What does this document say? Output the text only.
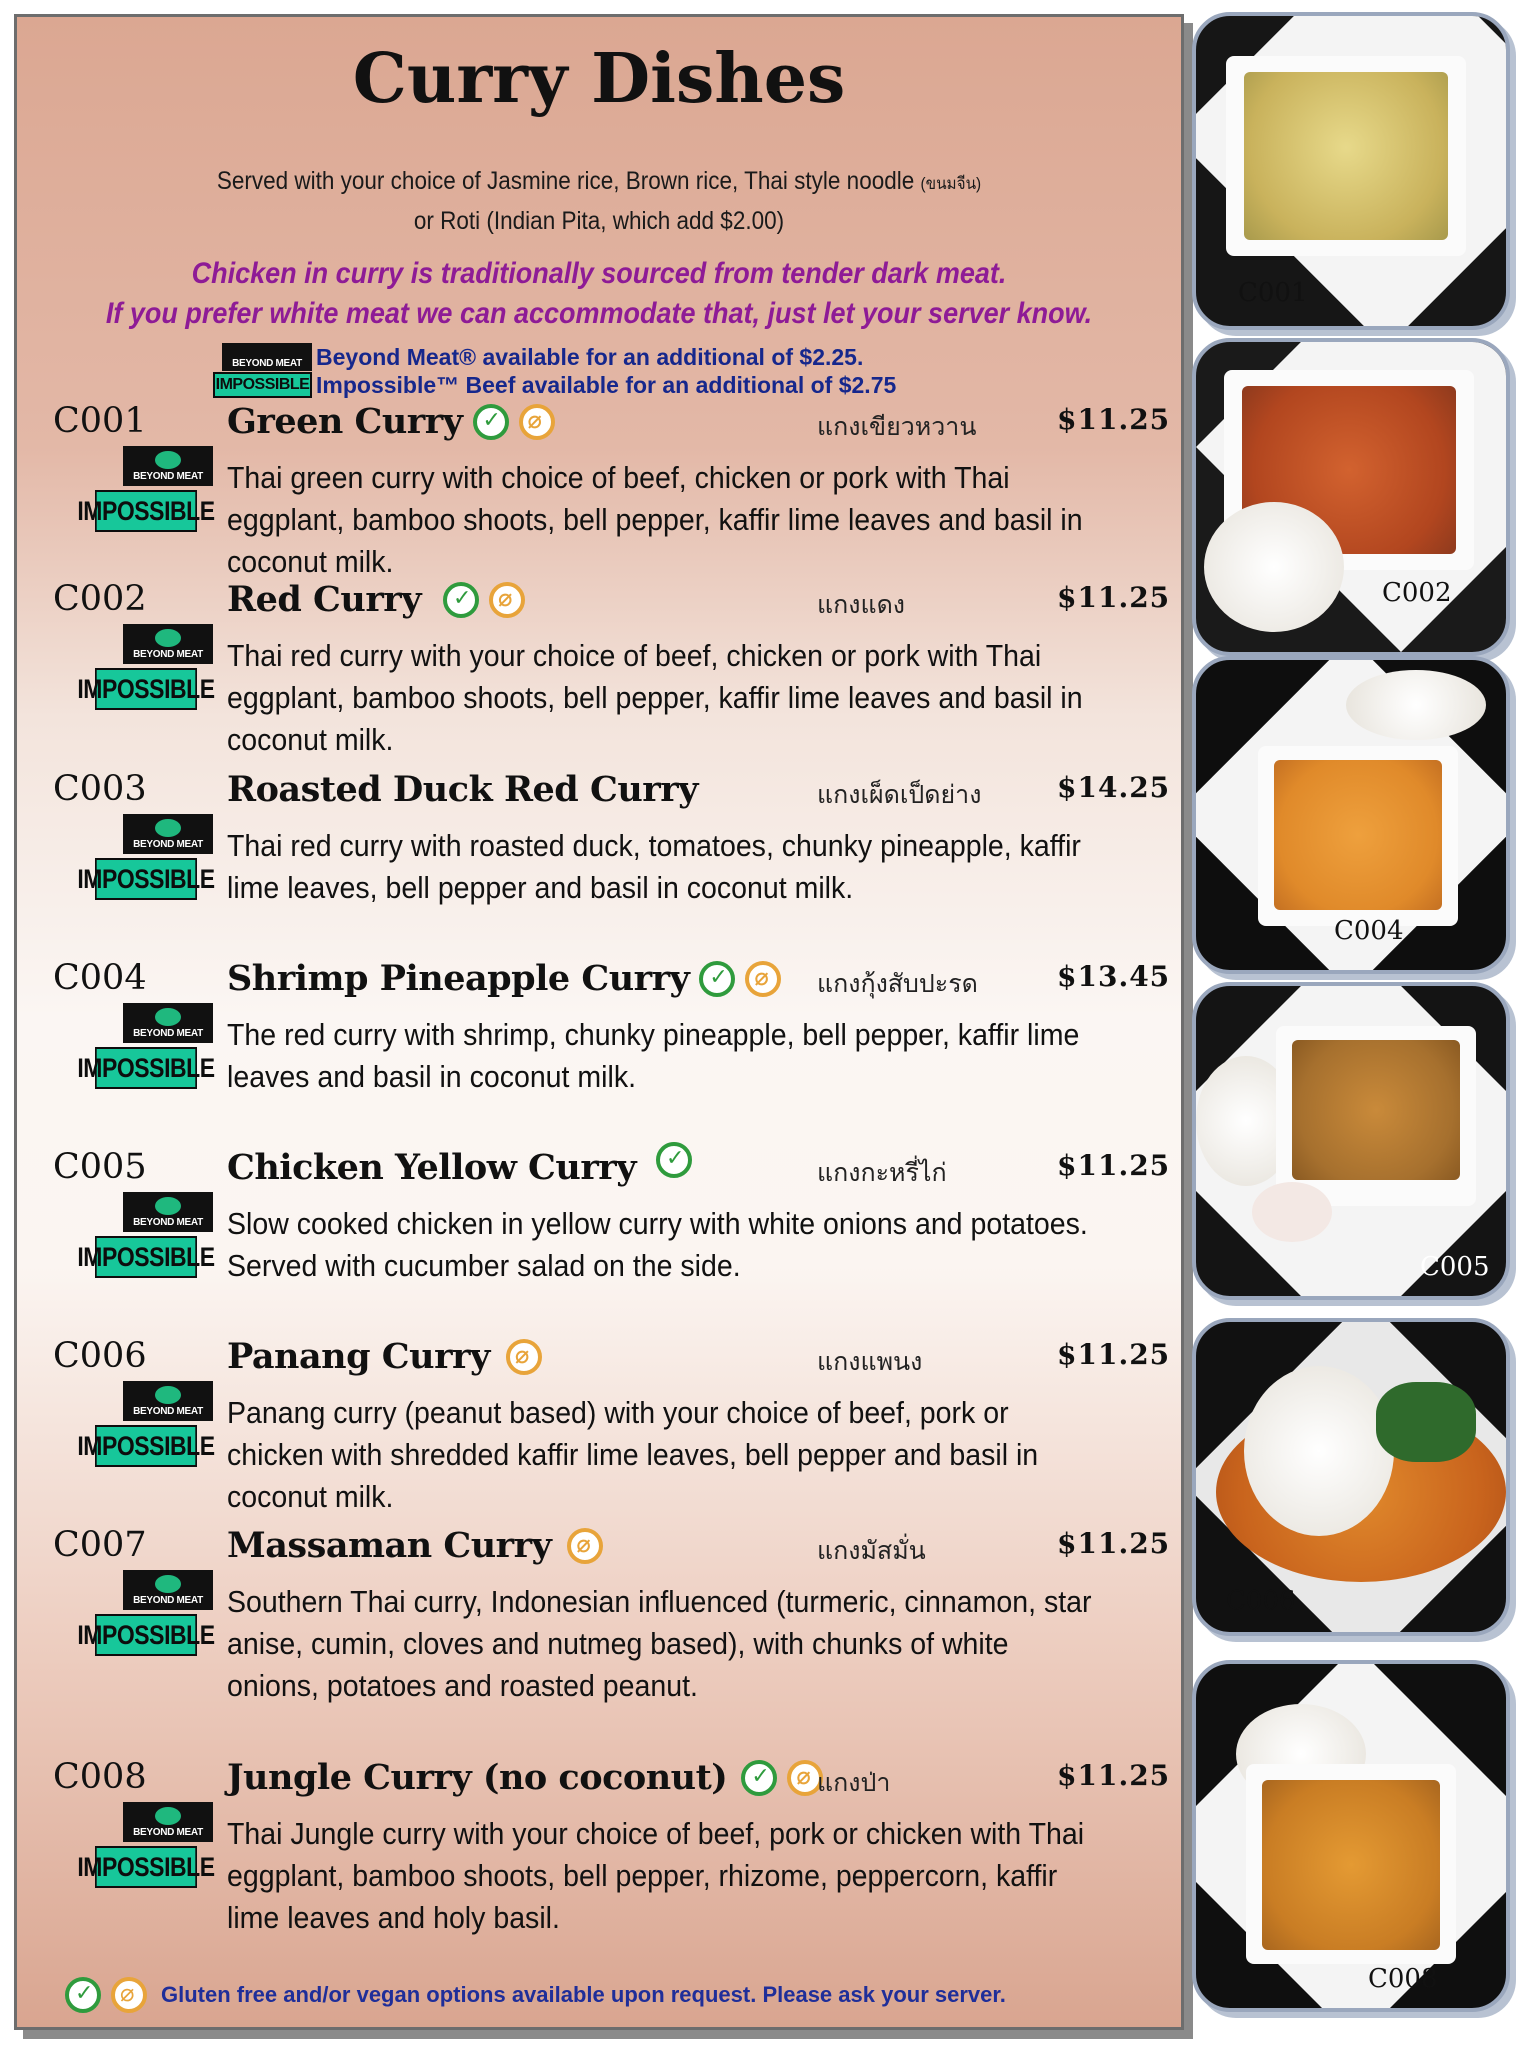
Curry Dishes
Served with your choice of Jasmine rice, Brown rice, Thai style noodle (ขนมจีน)
or Roti (Indian Pita, which add $2.00)
Chicken in curry is traditionally sourced from tender dark meat.
If you prefer white meat we can accommodate that, just let your server know.
BEYOND MEAT Beyond Meat® available for an additional of $2.25.
IMPOSSIBLE Impossible™ Beef available for an additional of $2.75
C001 Green Curry ✓ ⌀	แกงเขียวหวาน	$11.25
BEYOND MEAT
IMPOSSIBLE
Thai green curry with choice of beef, chicken or pork with Thai eggplant, bamboo shoots, bell pepper, kaffir lime leaves and basil in coconut milk.
C002 Red Curry ✓ ⌀	แกงแดง	$11.25
BEYOND MEAT
IMPOSSIBLE
Thai red curry with your choice of beef, chicken or pork with Thai eggplant, bamboo shoots, bell pepper, kaffir lime leaves and basil in coconut milk.
C003 Roasted Duck Red Curry	แกงเผ็ดเป็ดย่าง	$14.25
BEYOND MEAT
IMPOSSIBLE
Thai red curry with roasted duck, tomatoes, chunky pineapple, kaffir lime leaves, bell pepper and basil in coconut milk.
C004 Shrimp Pineapple Curry ✓ ⌀	แกงกุ้งสับปะรด	$13.45
BEYOND MEAT
IMPOSSIBLE
The red curry with shrimp, chunky pineapple, bell pepper, kaffir lime leaves and basil in coconut milk.
C005 Chicken Yellow Curry ✓	แกงกะหรี่ไก่	$11.25
BEYOND MEAT
IMPOSSIBLE
Slow cooked chicken in yellow curry with white onions and potatoes. Served with cucumber salad on the side.
C006 Panang Curry ⌀	แกงแพนง	$11.25
BEYOND MEAT
IMPOSSIBLE
Panang curry (peanut based) with your choice of beef, pork or chicken with shredded kaffir lime leaves, bell pepper and basil in coconut milk.
C007 Massaman Curry ⌀	แกงมัสมั่น	$11.25
BEYOND MEAT
IMPOSSIBLE
Southern Thai curry, Indonesian influenced (turmeric, cinnamon, star anise, cumin, cloves and nutmeg based), with chunks of white onions, potatoes and roasted peanut.
C008 Jungle Curry (no coconut) ✓ ⌀	แกงป่า	$11.25
BEYOND MEAT
IMPOSSIBLE
Thai Jungle curry with your choice of beef, pork or chicken with Thai eggplant, bamboo shoots, bell pepper, rhizome, peppercorn, kaffir lime leaves and holy basil.
✓
⌀
Gluten free and/or vegan options available upon request. Please ask your server.
C001
C002
C004
C005
C006
C008
